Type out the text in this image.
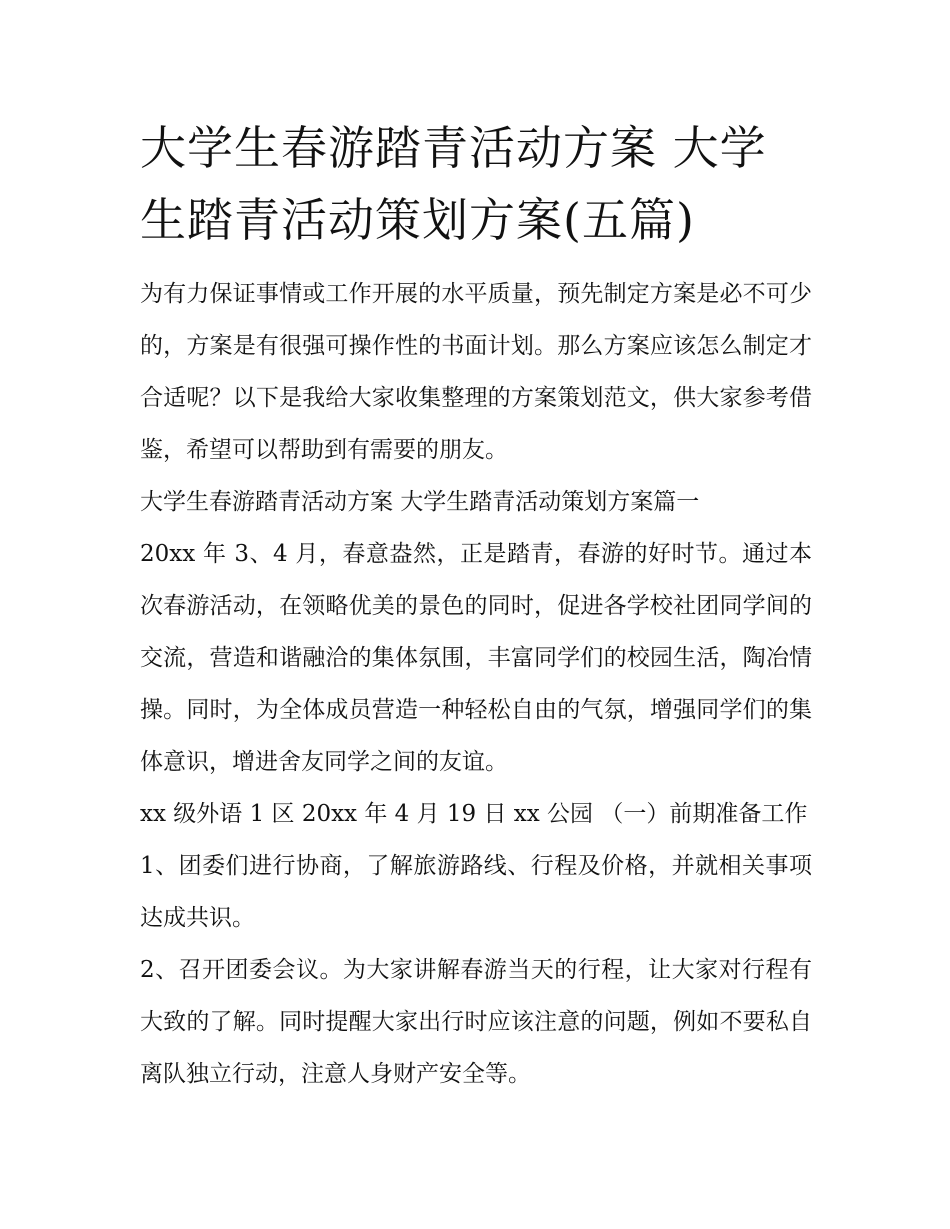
大学生春游踏青活动方案 大学生踏青活动策划方案(五篇)

为有力保证事情或工作开展的水平质量，预先制定方案是必不可少的，方案是有很强可操作性的书面计划。那么方案应该怎么制定才合适呢？以下是我给大家收集整理的方案策划范文，供大家参考借鉴，希望可以帮助到有需要的朋友。

大学生春游踏青活动方案 大学生踏青活动策划方案篇一

20xx 年 3、4 月，春意盎然，正是踏青，春游的好时节。通过本次春游活动，在领略优美的景色的同时，促进各学校社团同学间的交流，营造和谐融洽的集体氛围，丰富同学们的校园生活，陶冶情操。同时，为全体成员营造一种轻松自由的气氛，增强同学们的集体意识，增进舍友同学之间的友谊。

xx 级外语 1 区 20xx 年 4 月 19 日 xx 公园 （一）前期准备工作

1、团委们进行协商，了解旅游路线、行程及价格，并就相关事项达成共识。

2、召开团委会议。为大家讲解春游当天的行程，让大家对行程有大致的了解。同时提醒大家出行时应该注意的问题，例如不要私自离队独立行动，注意人身财产安全等。
